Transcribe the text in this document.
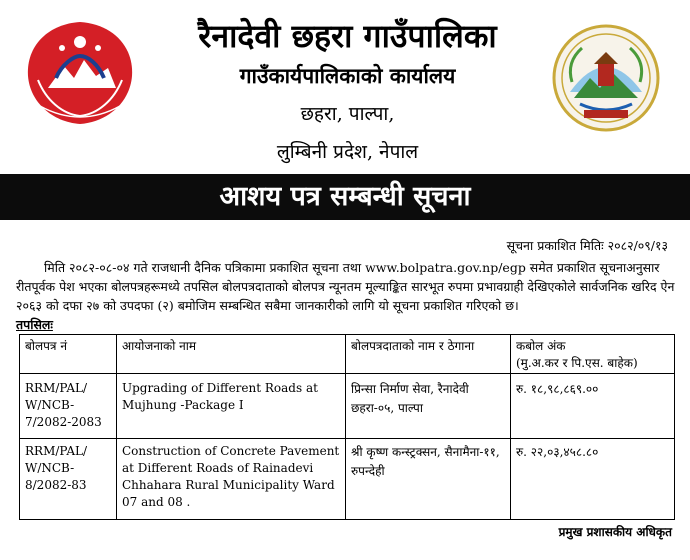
रैनादेवी छहरा गाउँपालिका
गाउँकार्यपालिकाको कार्यालय
छहरा, पाल्पा,
लुम्बिनी प्रदेश, नेपाल
आशय पत्र सम्बन्धी सूचना
सूचना प्रकाशित मितिः २०८२/०९/१३
मिति २०८२-०८-०४ गते राजधानी दैनिक पत्रिकामा प्रकाशित सूचना तथा www.bolpatra.gov.np/egp समेत प्रकाशित सूचनाअनुसार रीतपूर्वक पेश भएका बोलपत्रहरूमध्ये तपसिल बोलपत्रदाताको बोलपत्र न्यूनतम मूल्याङ्कित सारभूत रुपमा प्रभावग्राही देखिएकोले सार्वजनिक खरिद ऐन २०६३ को दफा २७ को उपदफा (२) बमोजिम सम्बन्धित सबैमा जानकारीको लागि यो सूचना प्रकाशित गरिएको छ।
तपसिलः
बोलपत्र नं	आयोजनाको नाम	बोलपत्रदाताको नाम र ठेगाना	कबोल अंक
(मु.अ.कर र पि.एस. बाहेक)

RRM/PAL/ W/NCB- 7/2082-2083	Upgrading of Different Roads at Mujhung -Package I	प्रिन्सा निर्माण सेवा, रैनादेवी छहरा-०५, पाल्पा	रु. १८,९८,८६९.००
RRM/PAL/ W/NCB- 8/2082-83	Construction of Concrete Pavement at Different Roads of Rainadevi Chhahara Rural Municipality Ward 07 and 08 .	श्री कृष्ण कन्स्ट्रक्सन, सैनामैना-११, रुपन्देही	रु. २२,०३,४५८.८०
प्रमुख प्रशासकीय अधिकृत
